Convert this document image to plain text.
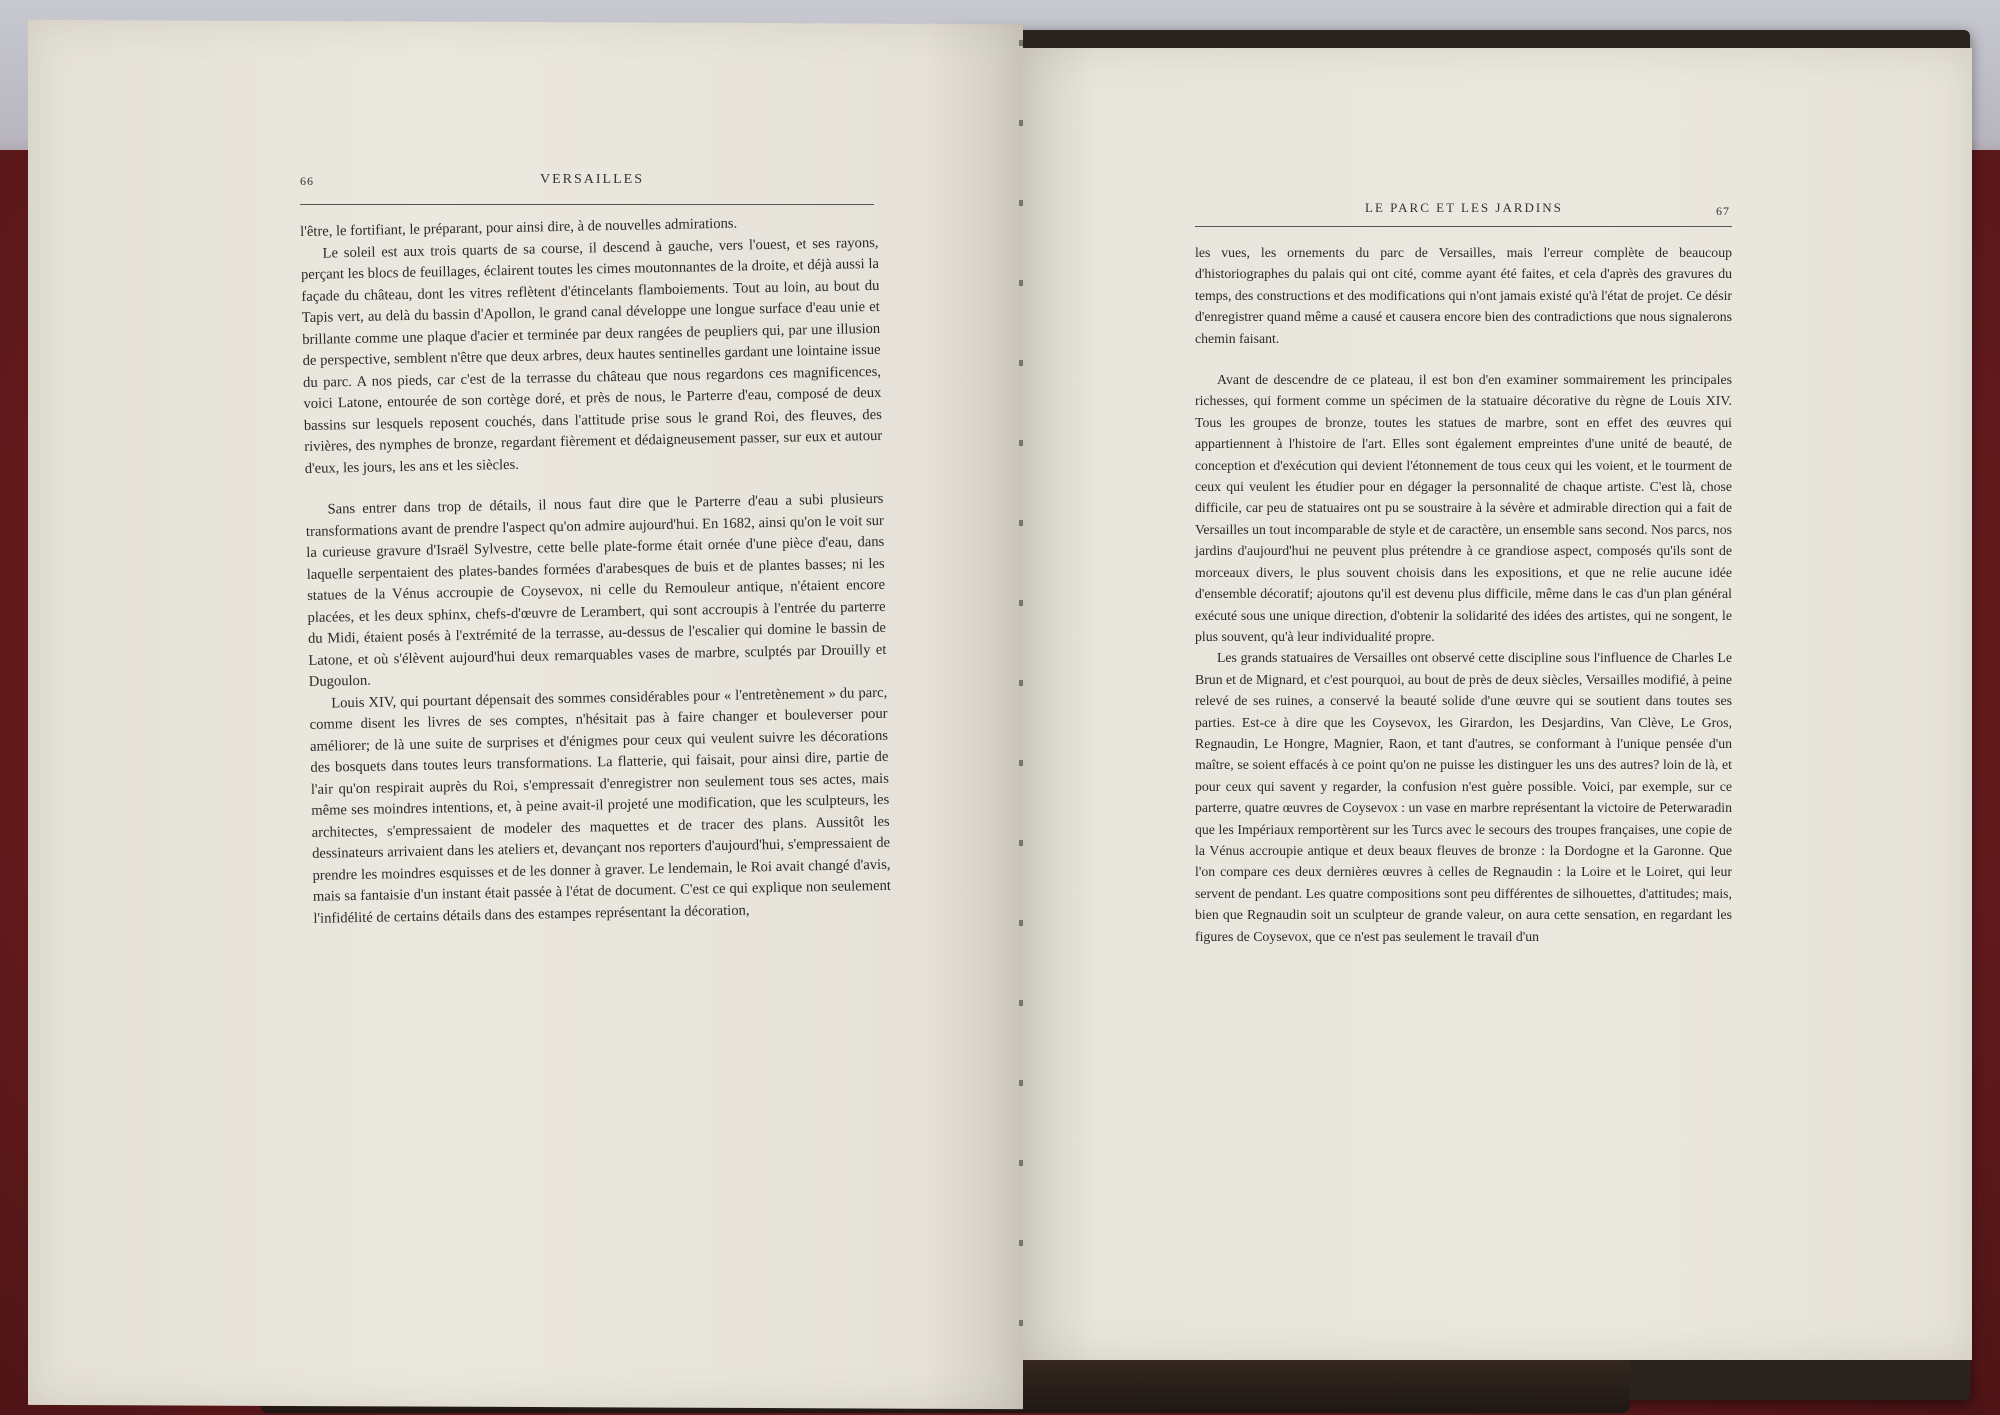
66	VERSAILLES
LE PARC ET LES JARDINS	67

l'être, le fortifiant, le préparant, pour ainsi dire, à de nouvelles admirations.

Le soleil est aux trois quarts de sa course, il descend à gauche, vers l'ouest, et ses rayons, perçant les blocs de feuillages, éclairent toutes les cimes moutonnantes de la droite, et déjà aussi la façade du château, dont les vitres reflètent d'étincelants flamboiements. Tout au loin, au bout du Tapis vert, au delà du bassin d'Apollon, le grand canal développe une longue surface d'eau unie et brillante comme une plaque d'acier et terminée par deux rangées de peupliers qui, par une illusion de perspective, semblent n'être que deux arbres, deux hautes sentinelles gardant une lointaine issue du parc. A nos pieds, car c'est de la terrasse du château que nous regardons ces magnificences, voici Latone, entourée de son cortège doré, et près de nous, le Parterre d'eau, composé de deux bassins sur lesquels reposent couchés, dans l'attitude prise sous le grand Roi, des fleuves, des rivières, des nymphes de bronze, regardant fièrement et dédaigneusement passer, sur eux et autour d'eux, les jours, les ans et les siècles.

Sans entrer dans trop de détails, il nous faut dire que le Parterre d'eau a subi plusieurs transformations avant de prendre l'aspect qu'on admire aujourd'hui. En 1682, ainsi qu'on le voit sur la curieuse gravure d'Israël Sylvestre, cette belle plate-forme était ornée d'une pièce d'eau, dans laquelle serpentaient des plates-bandes formées d'arabesques de buis et de plantes basses; ni les statues de la Vénus accroupie de Coysevox, ni celle du Remouleur antique, n'étaient encore placées, et les deux sphinx, chefs-d'œuvre de Lerambert, qui sont accroupis à l'entrée du parterre du Midi, étaient posés à l'extrémité de la terrasse, au-dessus de l'escalier qui domine le bassin de Latone, et où s'élèvent aujourd'hui deux remarquables vases de marbre, sculptés par Drouilly et Dugoulon.

Louis XIV, qui pourtant dépensait des sommes considérables pour « l'entretènement » du parc, comme disent les livres de ses comptes, n'hésitait pas à faire changer et bouleverser pour améliorer; de là une suite de surprises et d'énigmes pour ceux qui veulent suivre les décorations des bosquets dans toutes leurs transformations. La flatterie, qui faisait, pour ainsi dire, partie de l'air qu'on respirait auprès du Roi, s'empressait d'enregistrer non seulement tous ses actes, mais même ses moindres intentions, et, à peine avait-il projeté une modification, que les sculpteurs, les architectes, s'empressaient de modeler des maquettes et de tracer des plans. Aussitôt les dessinateurs arrivaient dans les ateliers et, devançant nos reporters d'aujourd'hui, s'empressaient de prendre les moindres esquisses et de les donner à graver. Le lendemain, le Roi avait changé d'avis, mais sa fantaisie d'un instant était passée à l'état de document. C'est ce qui explique non seulement l'infidélité de certains détails dans des estampes représentant la décoration,

les vues, les ornements du parc de Versailles, mais l'erreur complète de beaucoup d'historiographes du palais qui ont cité, comme ayant été faites, et cela d'après des gravures du temps, des constructions et des modifications qui n'ont jamais existé qu'à l'état de projet. Ce désir d'enregistrer quand même a causé et causera encore bien des contradictions que nous signalerons chemin faisant.

Avant de descendre de ce plateau, il est bon d'en examiner sommairement les principales richesses, qui forment comme un spécimen de la statuaire décorative du règne de Louis XIV. Tous les groupes de bronze, toutes les statues de marbre, sont en effet des œuvres qui appartiennent à l'histoire de l'art. Elles sont également empreintes d'une unité de beauté, de conception et d'exécution qui devient l'étonnement de tous ceux qui les voient, et le tourment de ceux qui veulent les étudier pour en dégager la personnalité de chaque artiste. C'est là, chose difficile, car peu de statuaires ont pu se soustraire à la sévère et admirable direction qui a fait de Versailles un tout incomparable de style et de caractère, un ensemble sans second. Nos parcs, nos jardins d'aujourd'hui ne peuvent plus prétendre à ce grandiose aspect, composés qu'ils sont de morceaux divers, le plus souvent choisis dans les expositions, et que ne relie aucune idée d'ensemble décoratif; ajoutons qu'il est devenu plus difficile, même dans le cas d'un plan général exécuté sous une unique direction, d'obtenir la solidarité des idées des artistes, qui ne songent, le plus souvent, qu'à leur individualité propre.

Les grands statuaires de Versailles ont observé cette discipline sous l'influence de Charles Le Brun et de Mignard, et c'est pourquoi, au bout de près de deux siècles, Versailles modifié, à peine relevé de ses ruines, a conservé la beauté solide d'une œuvre qui se soutient dans toutes ses parties. Est-ce à dire que les Coysevox, les Girardon, les Desjardins, Van Clève, Le Gros, Regnaudin, Le Hongre, Magnier, Raon, et tant d'autres, se conformant à l'unique pensée d'un maître, se soient effacés à ce point qu'on ne puisse les distinguer les uns des autres? loin de là, et pour ceux qui savent y regarder, la confusion n'est guère possible. Voici, par exemple, sur ce parterre, quatre œuvres de Coysevox : un vase en marbre représentant la victoire de Peterwaradin que les Impériaux remportèrent sur les Turcs avec le secours des troupes françaises, une copie de la Vénus accroupie antique et deux beaux fleuves de bronze : la Dordogne et la Garonne. Que l'on compare ces deux dernières œuvres à celles de Regnaudin : la Loire et le Loiret, qui leur servent de pendant. Les quatre compositions sont peu différentes de silhouettes, d'attitudes; mais, bien que Regnaudin soit un sculpteur de grande valeur, on aura cette sensation, en regardant les figures de Coysevox, que ce n'est pas seulement le travail d'un
